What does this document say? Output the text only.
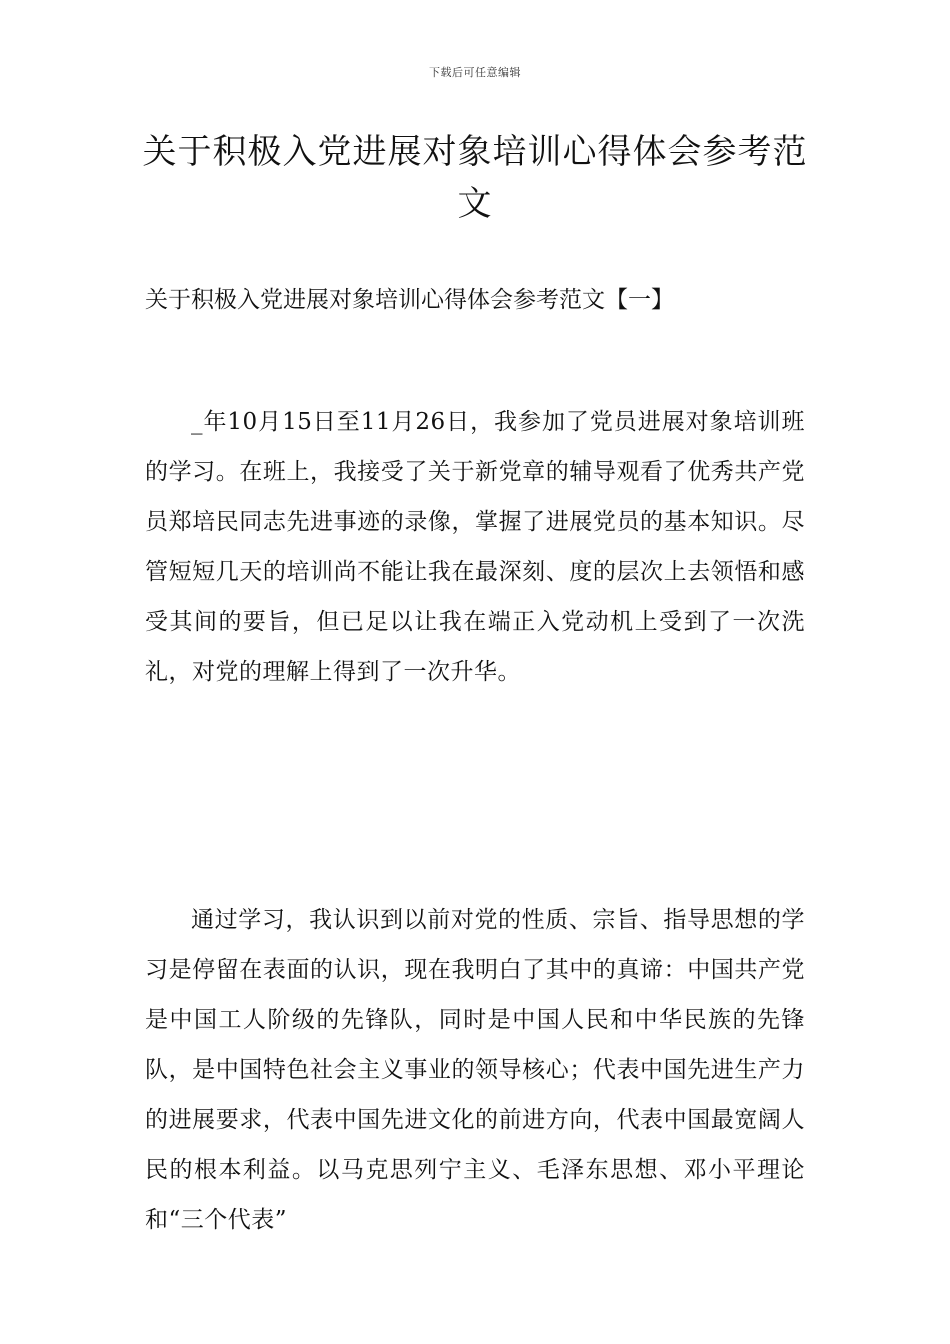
下载后可任意编辑
关于积极入党进展对象培训心得体会参考范文
关于积极入党进展对象培训心得体会参考范文【一】

_年10月15日至11月26日，我参加了党员进展对象培训班的学习。在班上，我接受了关于新党章的辅导观看了优秀共产党员郑培民同志先进事迹的录像，掌握了进展党员的基本知识。尽管短短几天的培训尚不能让我在最深刻、度的层次上去领悟和感受其间的要旨，但已足以让我在端正入党动机上受到了一次洗礼，对党的理解上得到了一次升华。

通过学习，我认识到以前对党的性质、宗旨、指导思想的学习是停留在表面的认识，现在我明白了其中的真谛：中国共产党是中国工人阶级的先锋队，同时是中国人民和中华民族的先锋队，是中国特色社会主义事业的领导核心；代表中国先进生产力的进展要求，代表中国先进文化的前进方向，代表中国最宽阔人民的根本利益。以马克思列宁主义、毛泽东思想、邓小平理论和“三个代表”
